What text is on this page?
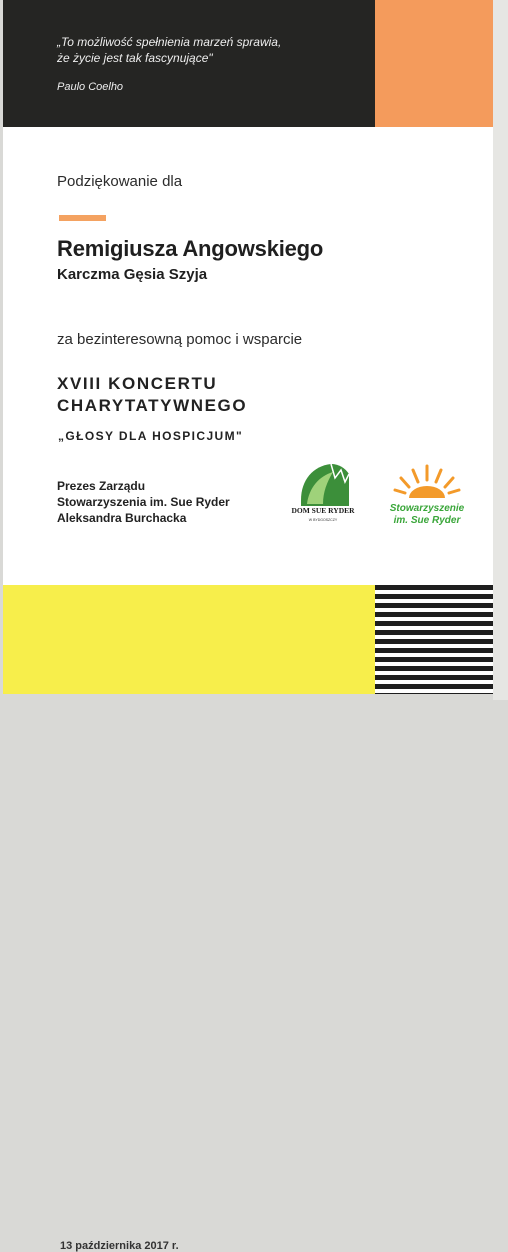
„To możliwość spełnienia marzeń sprawia,
że życie jest tak fascynujące"

Paulo Coelho
Podziękowanie dla
Remigiusza Angowskiego
Karczma Gęsia Szyja
za bezinteresowną pomoc i wsparcie
XVIII KONCERTU
CHARYTATYWNEGO
„GŁOSY DLA HOSPICJUM"
Prezes Zarządu
Stowarzyszenia im. Sue Ryder
Aleksandra Burchacka
DOM SUE RYDER
W BYDGOSZCZY
Stowarzyszenie
im. Sue Ryder
13 października 2017 r.
